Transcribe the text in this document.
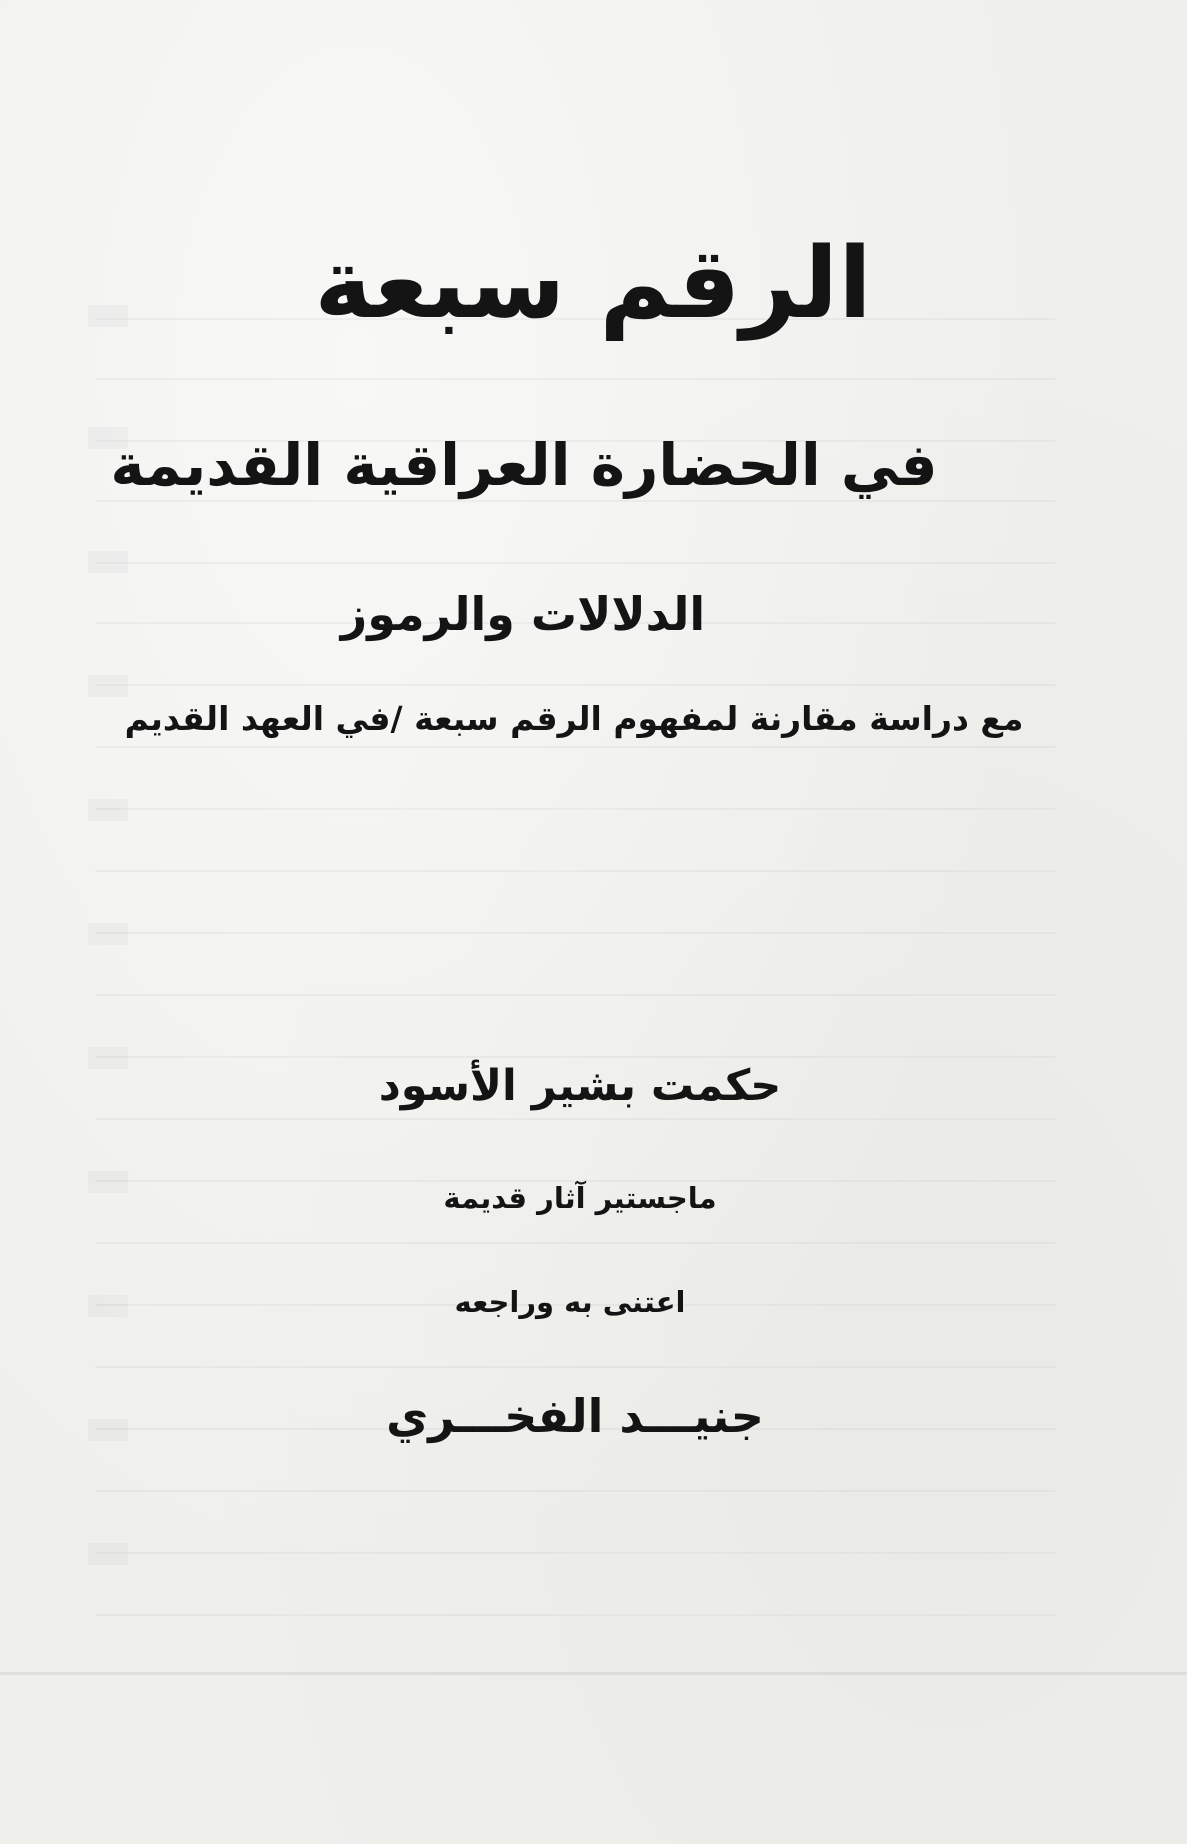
الرقم سبعة
في الحضارة العراقية القديمة
الدلالات والرموز
مع دراسة مقارنة لمفهوم الرقم سبعة /في العهد القديم
حكمت بشير الأسود
ماجستير آثار قديمة
اعتنى به وراجعه
جنيـــد الفخـــري
